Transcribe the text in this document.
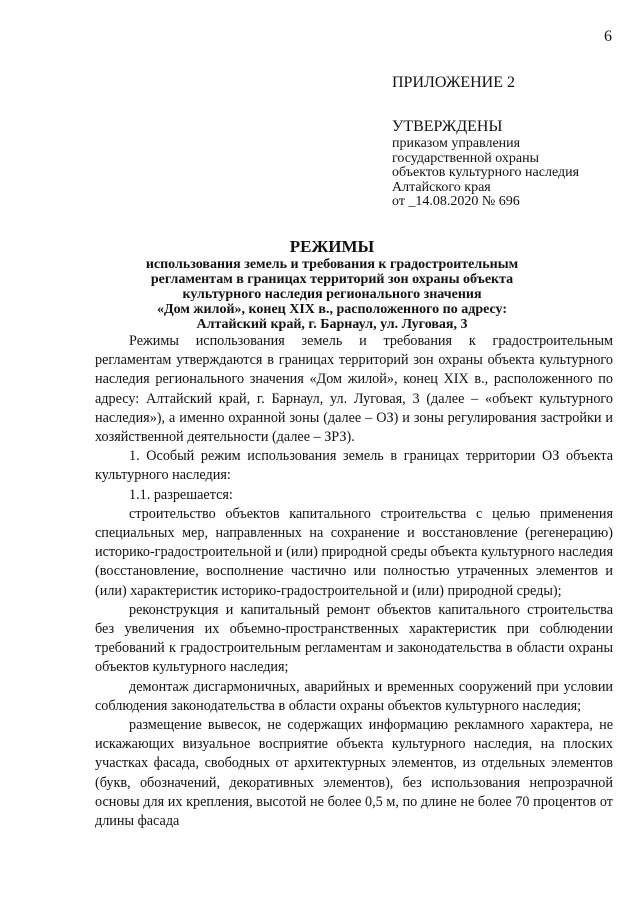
6
ПРИЛОЖЕНИЕ 2
УТВЕРЖДЕНЫ
приказом управления
государственной охраны
объектов культурного наследия
Алтайского края
от _14.08.2020 № 696
РЕЖИМЫ
использования земель и требования к градостроительным
регламентам в границах территорий зон охраны объекта
культурного наследия регионального значения
«Дом жилой», конец XIX в., расположенного по адресу:
Алтайский край, г. Барнаул, ул. Луговая, 3

Режимы использования земель и требования к градостроительным регламентам утверждаются в границах территорий зон охраны объекта культурного наследия регионального значения «Дом жилой», конец XIX в., расположенного по адресу: Алтайский край, г. Барнаул, ул. Луговая, 3 (далее – «объект культурного наследия»), а именно охранной зоны (далее – ОЗ) и зоны регулирования застройки и хозяйственной деятельности (далее – ЗРЗ).

1. Особый режим использования земель в границах территории ОЗ объекта культурного наследия:

1.1. разрешается:

строительство объектов капитального строительства с целью применения специальных мер, направленных на сохранение и восстановление (регенерацию) историко-градостроительной и (или) природной среды объекта культурного наследия (восстановление, восполнение частично или полностью утраченных элементов и (или) характеристик историко-градостроительной и (или) природной среды);

реконструкция и капитальный ремонт объектов капитального строительства без увеличения их объемно-пространственных характеристик при соблюдении требований к градостроительным регламентам и законодательства в области охраны объектов культурного наследия;

демонтаж дисгармоничных, аварийных и временных сооружений при условии соблюдения законодательства в области охраны объектов культурного наследия;

размещение вывесок, не содержащих информацию рекламного характера, не искажающих визуальное восприятие объекта культурного наследия, на плоских участках фасада, свободных от архитектурных элементов, из отдельных элементов (букв, обозначений, декоративных элементов), без использования непрозрачной основы для их крепления, высотой не более 0,5 м, по длине не более 70 процентов от длины фасада
